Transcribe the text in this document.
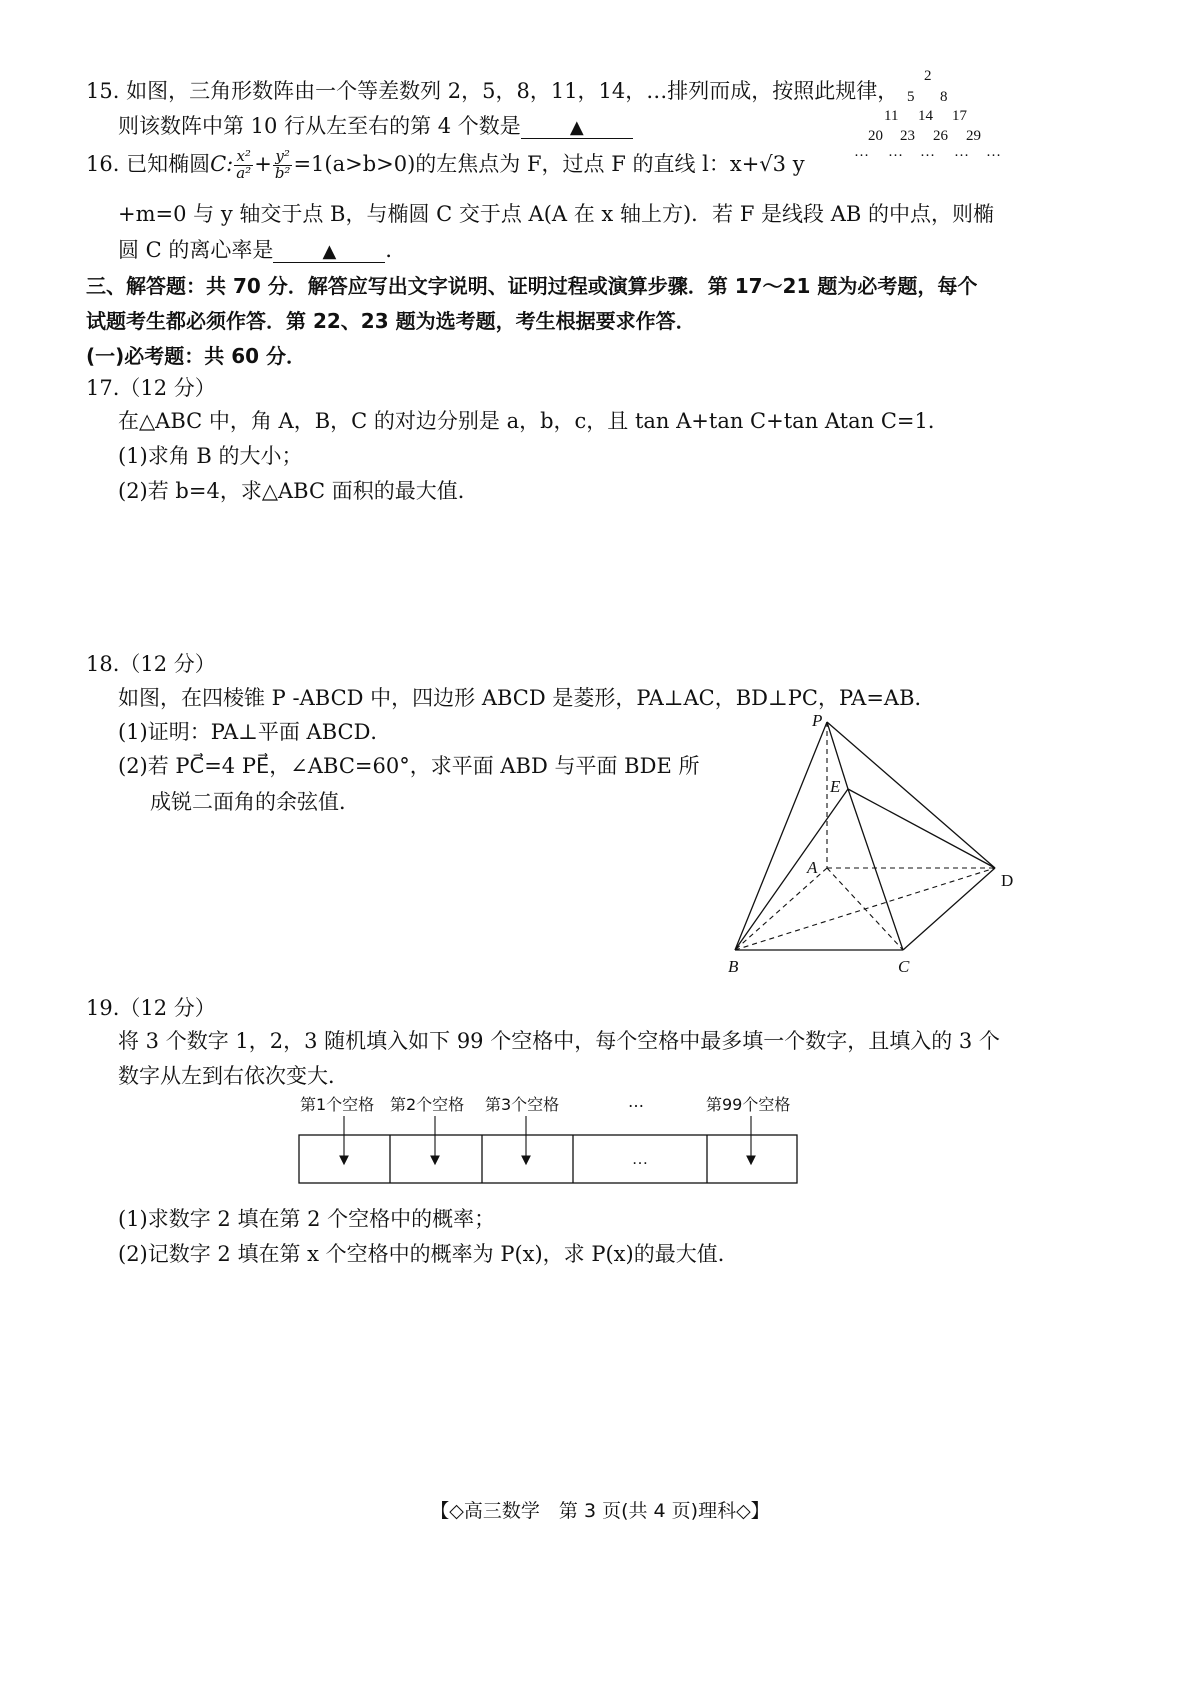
15. 如图，三角形数阵由一个等差数列 2，5，8，11，14，…排列而成，按照此规律，
则该数阵中第 10 行从左至右的第 4 个数是	▲
2
5 8
11 14 17
20 23 26 29
… … … … …
16. 已知椭圆C: $\frac{\text{x²}}{\text{a²}} + \frac{\text{y²}}{\text{b²}} =1(a>b>0)$的左焦点为 F，过点 F 的直线 l：x+√3 y
+m=0 与 y 轴交于点 B，与椭圆 C 交于点 A(A 在 x 轴上方)．若 F 是线段 AB 的中点，则椭
圆 C 的离心率是	▲ ．
三、解答题：共 70 分．解答应写出文字说明、证明过程或演算步骤．第 17～21 题为必考题，每个
试题考生都必须作答．第 22、23 题为选考题，考生根据要求作答．
(一)必考题：共 60 分．
17.（12 分）
在△ABC 中，角 A，B，C 的对边分别是 a，b，c，且 tan A+tan C+tan Atan C=1．
(1)求角 B 的大小；
(2)若 b=4，求△ABC 面积的最大值．
18.（12 分）
如图，在四棱锥 P -ABCD 中，四边形 ABCD 是菱形，PA⊥AC，BD⊥PC，PA=AB．
(1)证明：PA⊥平面 ABCD．
(2)若 PC⃗=4 PE⃗，∠ABC=60°，求平面 ABD 与平面 BDE 所
成锐二面角的余弦值．
P
E
A
D
B	C
19.（12 分）
将 3 个数字 1，2，3 随机填入如下 99 个空格中，每个空格中最多填一个数字，且填入的 3 个
数字从左到右依次变大．
第1个空格 第2个空格 第3个空格	…	第99个空格
…
(1)求数字 2 填在第 2 个空格中的概率；
(2)记数字 2 填在第 x 个空格中的概率为 P(x)，求 P(x)的最大值．
【◇高三数学　第 3 页(共 4 页)理科◇】
